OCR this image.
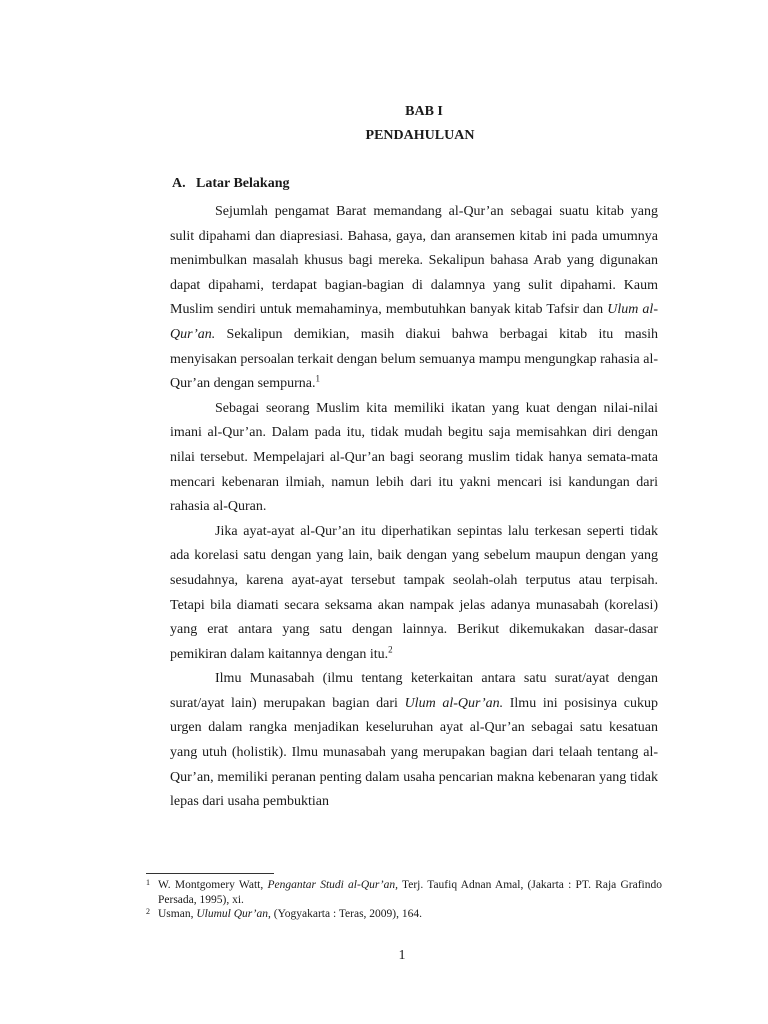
BAB I
PENDAHULUAN
A. Latar Belakang

Sejumlah pengamat Barat memandang al-Qur’an sebagai suatu kitab yang sulit dipahami dan diapresiasi. Bahasa, gaya, dan aransemen kitab ini pada umumnya menimbulkan masalah khusus bagi mereka. Sekalipun bahasa Arab yang digunakan dapat dipahami, terdapat bagian-bagian di dalamnya yang sulit dipahami. Kaum Muslim sendiri untuk memahaminya, membutuhkan banyak kitab Tafsir dan Ulum al-Qur’an. Sekalipun demikian, masih diakui bahwa berbagai kitab itu masih menyisakan persoalan terkait dengan belum semuanya mampu mengungkap rahasia al-Qur’an dengan sempurna.$^1$

Sebagai seorang Muslim kita memiliki ikatan yang kuat dengan nilai-nilai imani al-Qur’an. Dalam pada itu, tidak mudah begitu saja memisahkan diri dengan nilai tersebut. Mempelajari al-Qur’an bagi seorang muslim tidak hanya semata-mata mencari kebenaran ilmiah, namun lebih dari itu yakni mencari isi kandungan dari rahasia al-Quran.

Jika ayat-ayat al-Qur’an itu diperhatikan sepintas lalu terkesan seperti tidak ada korelasi satu dengan yang lain, baik dengan yang sebelum maupun dengan yang sesudahnya, karena ayat-ayat tersebut tampak seolah-olah terputus atau terpisah. Tetapi bila diamati secara seksama akan nampak jelas adanya munasabah (korelasi) yang erat antara yang satu dengan lainnya. Berikut dikemukakan dasar-dasar pemikiran dalam kaitannya dengan itu.$^2$

Ilmu Munasabah (ilmu tentang keterkaitan antara satu surat/ayat dengan surat/ayat lain) merupakan bagian dari Ulum al-Qur’an. Ilmu ini posisinya cukup urgen dalam rangka menjadikan keseluruhan ayat al-Qur’an sebagai satu kesatuan yang utuh (holistik). Ilmu munasabah yang merupakan bagian dari telaah tentang al-Qur’an, memiliki peranan penting dalam usaha pencarian makna kebenaran yang tidak lepas dari usaha pembuktian

1 W. Montgomery Watt, Pengantar Studi al-Qur’an, Terj. Taufiq Adnan Amal, (Jakarta : PT. Raja Grafindo Persada, 1995), xi.

2 Usman, Ulumul Qur’an, (Yogyakarta : Teras, 2009), 164.

1
